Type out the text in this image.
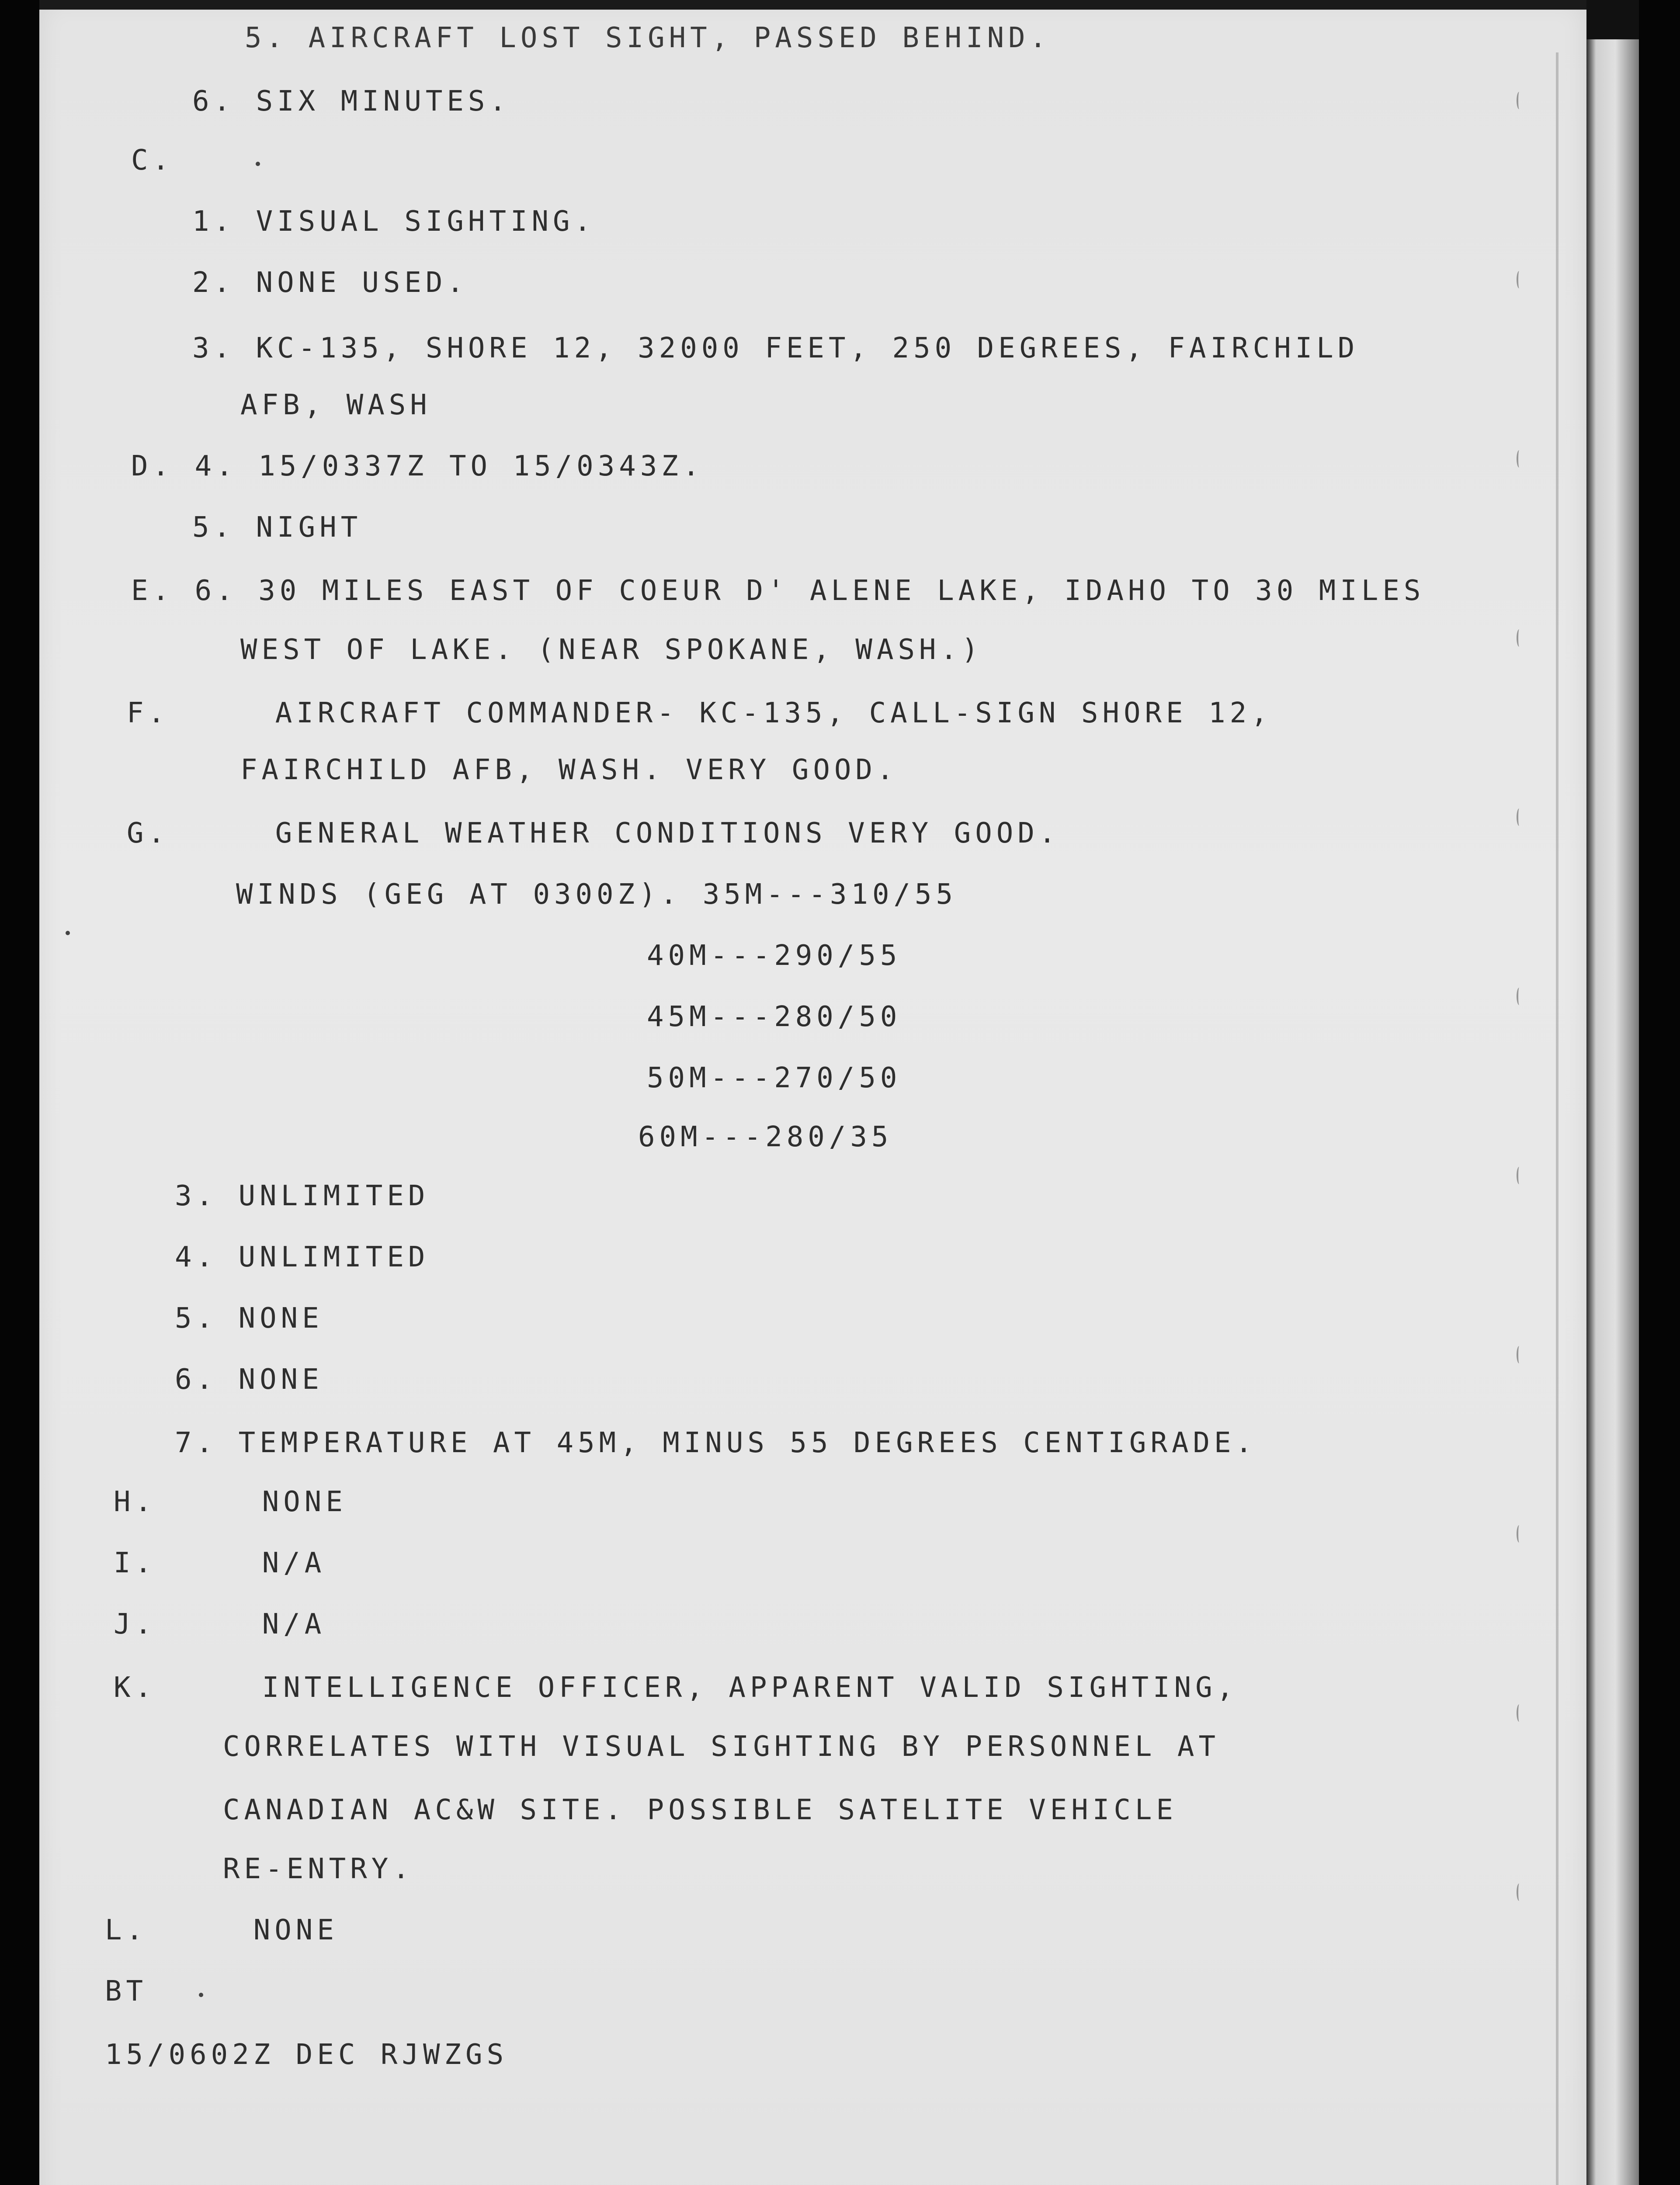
5. AIRCRAFT LOST SIGHT, PASSED BEHIND.
6. SIX MINUTES.
C.
1. VISUAL SIGHTING.
2. NONE USED.
3. KC-135, SHORE 12, 32000 FEET, 250 DEGREES, FAIRCHILD
AFB, WASH
D. 4. 15/0337Z TO 15/0343Z.
5. NIGHT
E. 6. 30 MILES EAST OF COEUR D' ALENE LAKE, IDAHO TO 30 MILES
WEST OF LAKE. (NEAR SPOKANE, WASH.)
F.     AIRCRAFT COMMANDER- KC-135, CALL-SIGN SHORE 12,
FAIRCHILD AFB, WASH. VERY GOOD.
G.     GENERAL WEATHER CONDITIONS VERY GOOD.
WINDS (GEG AT 0300Z). 35M---310/55
40M---290/55
45M---280/50
50M---270/50
60M---280/35
3. UNLIMITED
4. UNLIMITED
5. NONE
6. NONE
7. TEMPERATURE AT 45M, MINUS 55 DEGREES CENTIGRADE.
H.     NONE
I.     N/A
J.     N/A
K.     INTELLIGENCE OFFICER, APPARENT VALID SIGHTING,
CORRELATES WITH VISUAL SIGHTING BY PERSONNEL AT
CANADIAN AC&W SITE. POSSIBLE SATELITE VEHICLE
RE-ENTRY.
L.     NONE
BT
15/0602Z DEC RJWZGS
